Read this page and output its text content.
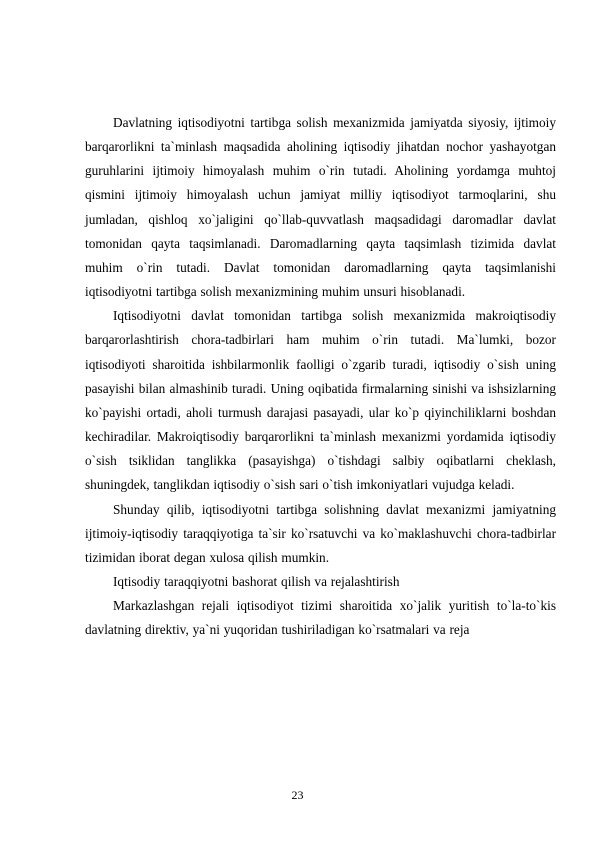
Davlatning iqtisodiyotni tartibga solish mexanizmida jamiyatda siyosiy, ijtimoiy barqarorlikni ta`minlash maqsadida aholining iqtisodiy jihatdan nochor yashayotgan guruhlarini ijtimoiy himoyalash muhim o`rin tutadi. Aholining yordamga muhtoj qismini ijtimoiy himoyalash uchun jamiyat milliy iqtisodiyot tarmoqlarini, shu jumladan, qishloq xo`jaligini qo`llab-quvvatlash maqsadidagi daromadlar davlat tomonidan qayta taqsimlanadi. Daromadlarning qayta taqsimlash tizimida davlat muhim o`rin tutadi. Davlat tomonidan daromadlarning qayta taqsimlanishi iqtisodiyotni tartibga solish mexanizmining muhim unsuri hisoblanadi.

Iqtisodiyotni davlat tomonidan tartibga solish mexanizmida makroiqtisodiy barqarorlashtirish chora-tadbirlari ham muhim o`rin tutadi. Ma`lumki, bozor iqtisodiyoti sharoitida ishbilarmonlik faolligi o`zgarib turadi, iqtisodiy o`sish uning pasayishi bilan almashinib turadi. Uning oqibatida firmalarning sinishi va ishsizlarning ko`payishi ortadi, aholi turmush darajasi pasayadi, ular ko`p qiyinchiliklarni boshdan kechiradilar. Makroiqtisodiy barqarorlikni ta`minlash mexanizmi yordamida iqtisodiy o`sish tsiklidan tanglikka (pasayishga) o`tishdagi salbiy oqibatlarni cheklash, shuningdek, tanglikdan iqtisodiy o`sish sari o`tish imkoniyatlari vujudga keladi.

Shunday qilib, iqtisodiyotni tartibga solishning davlat mexanizmi jamiyatning ijtimoiy-iqtisodiy taraqqiyotiga ta`sir ko`rsatuvchi va ko`maklashuvchi chora-tadbirlar tizimidan iborat degan xulosa qilish mumkin.

Iqtisodiy taraqqiyotni bashorat qilish va rejalashtirish

Markazlashgan rejali iqtisodiyot tizimi sharoitida xo`jalik yuritish to`la-to`kis davlatning direktiv, ya`ni yuqoridan tushiriladigan ko`rsatmalari va reja

23
